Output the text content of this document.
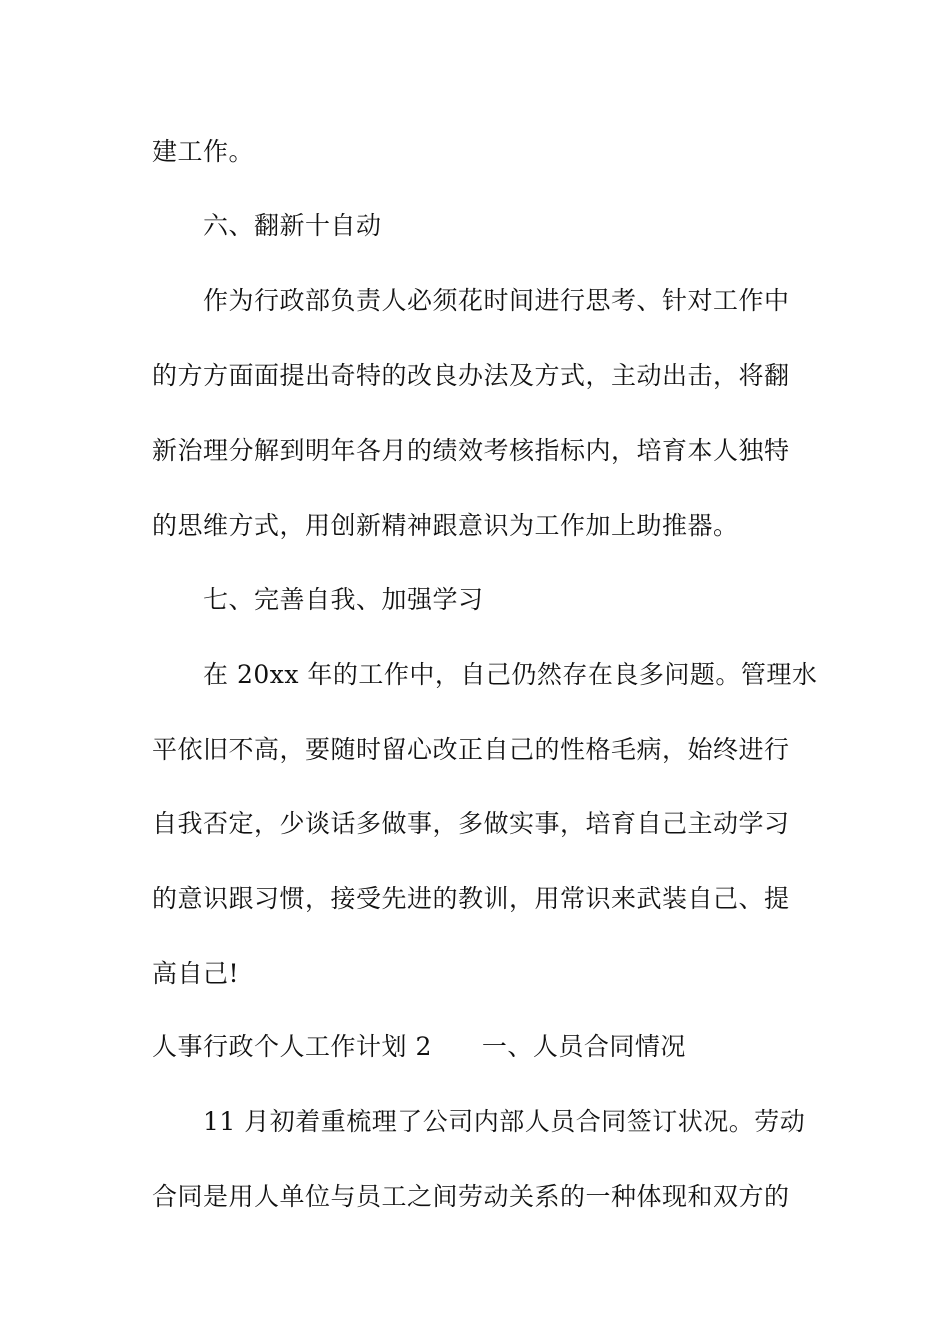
建工作。
六、翻新十自动
作为行政部负责人必须花时间进行思考、针对工作中
的方方面面提出奇特的改良办法及方式，主动出击，将翻
新治理分解到明年各月的绩效考核指标内，培育本人独特
的思维方式，用创新精神跟意识为工作加上助推器。
七、完善自我、加强学习
在 20xx 年的工作中，自己仍然存在良多问题。管理水
平依旧不高，要随时留心改正自己的性格毛病，始终进行
自我否定，少谈话多做事，多做实事，培育自己主动学习
的意识跟习惯，接受先进的教训，用常识来武装自己、提
高自己!
人事行政个人工作计划 2 一、人员合同情况
11 月初着重梳理了公司内部人员合同签订状况。劳动
合同是用人单位与员工之间劳动关系的一种体现和双方的
